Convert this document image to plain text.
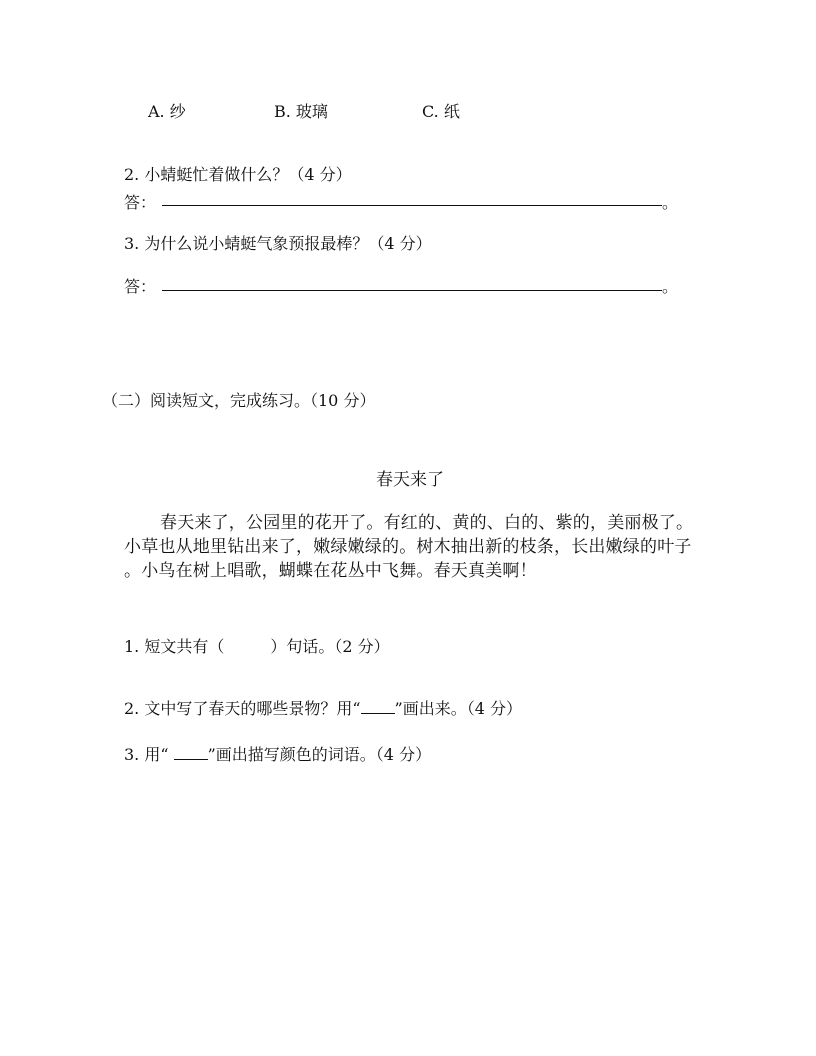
A. 纱	B. 玻璃	C. 纸
2. 小蜻蜓忙着做什么？（4 分）
答：	。
3. 为什么说小蜻蜓气象预报最棒？（4 分）
答：	。
（二）阅读短文，完成练习。（10 分）
春天来了
春天来了，公园里的花开了。有红的、黄的、白的、紫的，美丽极了。
小草也从地里钻出来了，嫩绿嫩绿的。树木抽出新的枝条，长出嫩绿的叶子
。小鸟在树上唱歌，蝴蝶在花丛中飞舞。春天真美啊！
1. 短文共有（	）句话。（2 分）
2. 文中写了春天的哪些景物？用“ ”画出来。（4 分）
3. 用“ ”画出描写颜色的词语。（4 分）
